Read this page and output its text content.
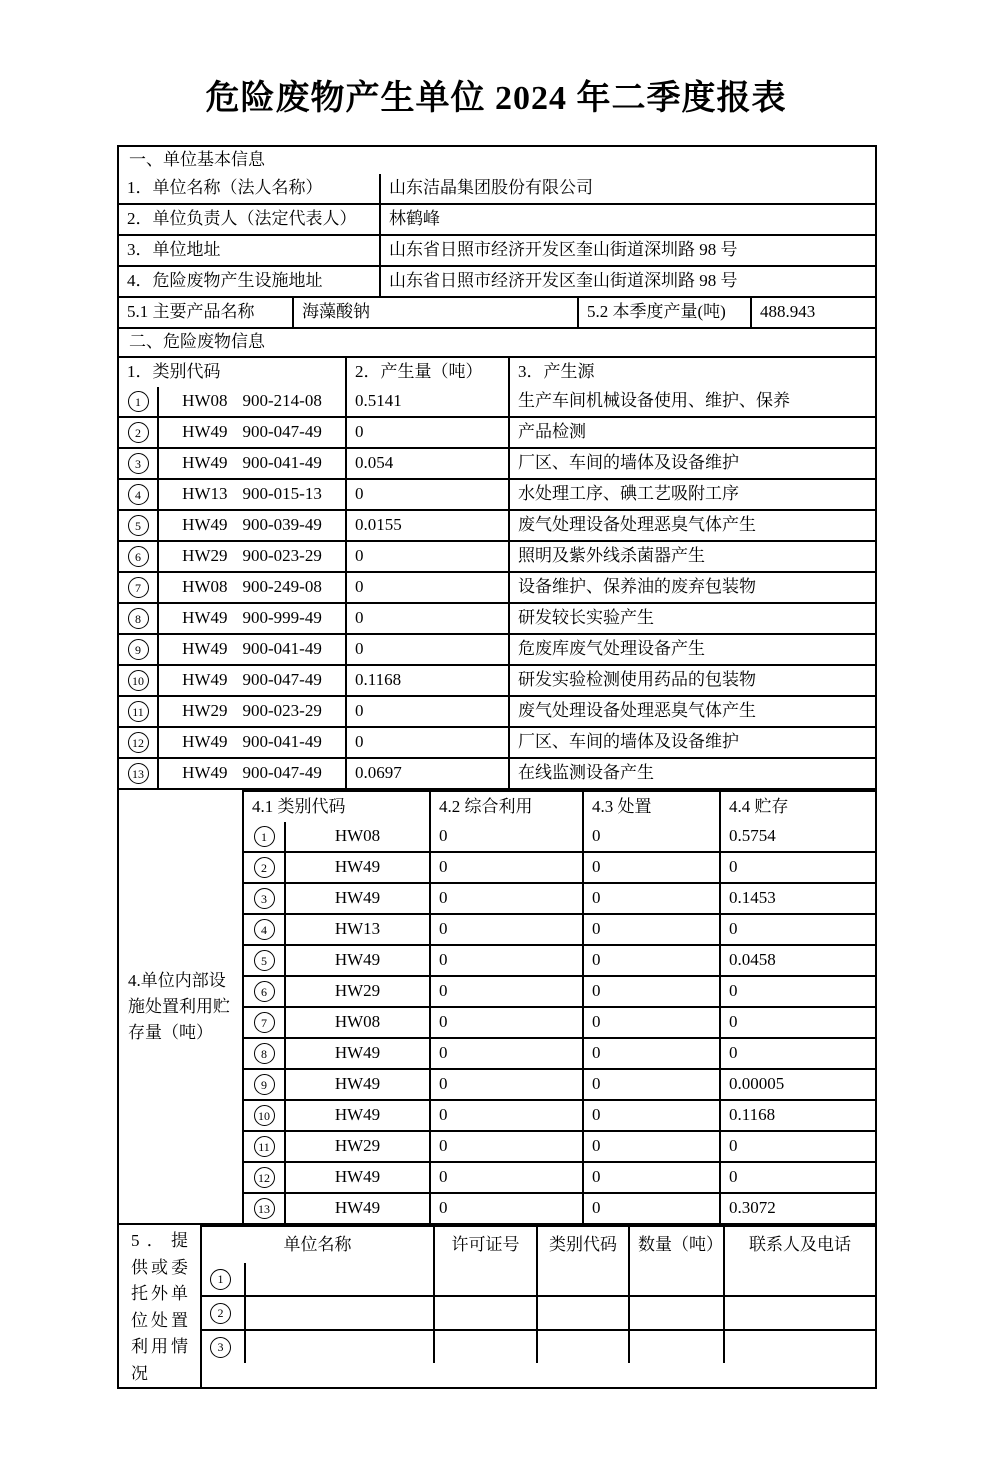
危险废物产生单位 2024 年二季度报表
一、单位基本信息
1．单位名称（法人名称）	山东洁晶集团股份有限公司
2．单位负责人（法定代表人）	林鹤峰
3．单位地址	山东省日照市经济开发区奎山街道深圳路 98 号
4．危险废物产生设施地址	山东省日照市经济开发区奎山街道深圳路 98 号
5.1 主要产品名称	海藻酸钠	5.2 本季度产量(吨)	488.943
二、危险废物信息
1．类别代码	2．产生量（吨）	3．产生源
1	HW08 900-214-08	0.5141	生产车间机械设备使用、维护、保养
2	HW49 900-047-49	0	产品检测
3	HW49 900-041-49	0.054	厂区、车间的墙体及设备维护
4	HW13 900-015-13	0	水处理工序、碘工艺吸附工序
5	HW49 900-039-49	0.0155	废气处理设备处理恶臭气体产生
6	HW29 900-023-29	0	照明及紫外线杀菌器产生
7	HW08 900-249-08	0	设备维护、保养油的废弃包装物
8	HW49 900-999-49	0	研发较长实验产生
9	HW49 900-041-49	0	危废库废气处理设备产生
10 HW49 900-047-49	0.1168	研发实验检测使用药品的包装物
11 HW29 900-023-29	0	废气处理设备处理恶臭气体产生
12 HW49 900-041-49	0	厂区、车间的墙体及设备维护
13 HW49 900-047-49	0.0697	在线监测设备产生
4.单位内部设施处置利用贮存量（吨）
4.1 类别代码	4.2 综合利用	4.3 处置	4.4 贮存
1	HW08	0	0	0.5754
2	HW49	0	0	0
3	HW49	0	0	0.1453
4	HW13	0	0	0
5	HW49	0	0	0.0458
6	HW29	0	0	0
7	HW08	0	0	0
8	HW49	0	0	0
9	HW49	0	0	0.00005
10	HW49	0	0	0.1168
11	HW29	0	0	0
12	HW49	0	0	0
13	HW49	0	0	0.3072
5．提供或委托外单位处置利用情况
单位名称	许可证号	类别代码	数量（吨）	联系人及电话
1
2
3
